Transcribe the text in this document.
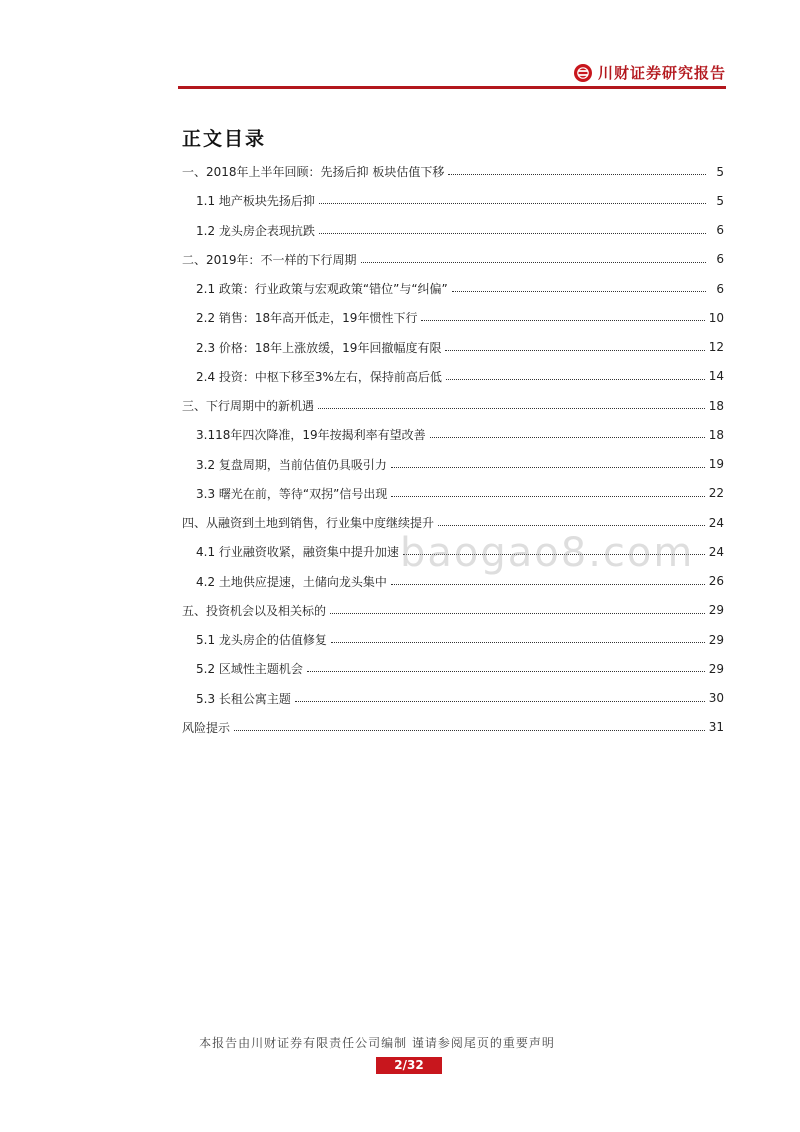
川财证券研究报告
正文目录
一、2018年上半年回顾：先扬后抑 板块估值下移	5
1.1 地产板块先扬后抑	5
1.2 龙头房企表现抗跌	6
二、2019年：不一样的下行周期	6
2.1 政策：行业政策与宏观政策“错位”与“纠偏”	6
2.2 销售：18年高开低走，19年惯性下行	10
2.3 价格：18年上涨放缓，19年回撤幅度有限	12
2.4 投资：中枢下移至3%左右，保持前高后低	14
三、下行周期中的新机遇	18
3.118年四次降准，19年按揭利率有望改善	18
3.2 复盘周期，当前估值仍具吸引力	19
3.3 曙光在前，等待“双拐”信号出现	22
四、从融资到土地到销售，行业集中度继续提升	24
4.1 行业融资收紧，融资集中提升加速	24
4.2 土地供应提速，土储向龙头集中	26
五、投资机会以及相关标的	29
5.1 龙头房企的估值修复	29
5.2 区域性主题机会	29
5.3 长租公寓主题	30
风险提示	31
baogao8.com
本报告由川财证券有限责任公司编制 谨请参阅尾页的重要声明
2/32
